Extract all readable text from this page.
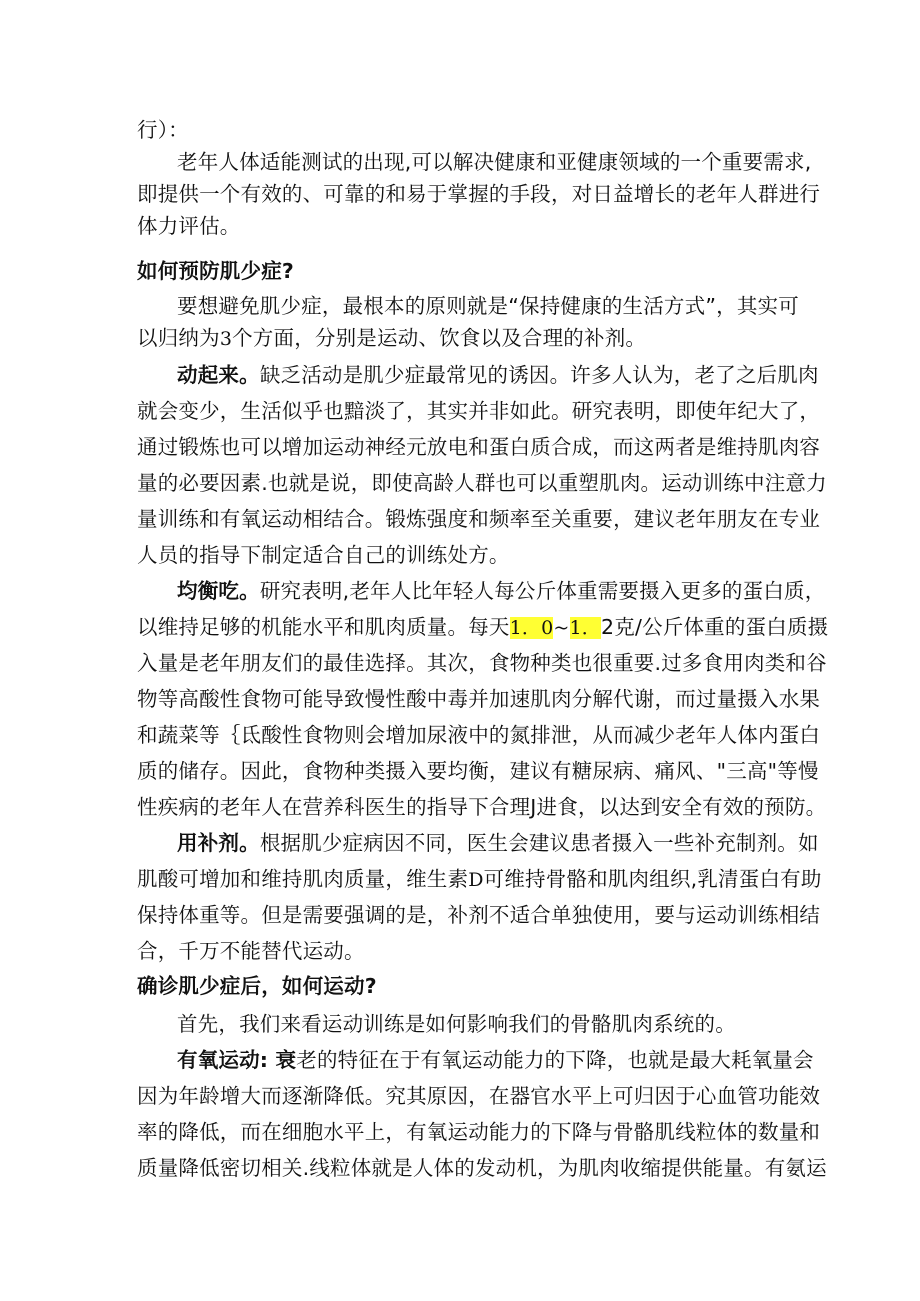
行）：
老年人体适能测试的出现,可以解决健康和亚健康领域的一个重要需求,
即提供一个有效的、可靠的和易于掌握的手段，对日益增长的老年人群进行
体力评估。
如何预防肌少症?
要想避免肌少症，最根本的原则就是“保持健康的生活方式”，其实可
以归纳为3个方面，分别是运动、饮食以及合理的补剂。
动起来。缺乏活动是肌少症最常见的诱因。许多人认为，老了之后肌肉
就会变少，生活似乎也黯淡了，其实并非如此。研究表明，即使年纪大了，
通过锻炼也可以增加运动神经元放电和蛋白质合成，而这两者是维持肌肉容
量的必要因素.也就是说，即使高龄人群也可以重塑肌肉。运动训练中注意力
量训练和有氧运动相结合。锻炼强度和频率至关重要，建议老年朋友在专业
人员的指导下制定适合自己的训练处方。
均衡吃。研究表明,老年人比年轻人每公斤体重需要摄入更多的蛋白质，
以维持足够的机能水平和肌肉质量。每天1．0~1．2克/公斤体重的蛋白质摄
入量是老年朋友们的最佳选择。其次，食物种类也很重要.过多食用肉类和谷
物等高酸性食物可能导致慢性酸中毒并加速肌肉分解代谢，而过量摄入水果
和蔬菜等｛氐酸性食物则会增加尿液中的氮排泄，从而减少老年人体内蛋白
质的储存。因此，食物种类摄入要均衡，建议有糖尿病、痛风、"三高"等慢
性疾病的老年人在营养科医生的指导下合理J进食，以达到安全有效的预防。
用补剂。根据肌少症病因不同，医生会建议患者摄入一些补充制剂。如
肌酸可增加和维持肌肉质量，维生素D可维持骨骼和肌肉组织,乳清蛋白有助
保持体重等。但是需要强调的是，补剂不适合单独使用，要与运动训练相结
合，千万不能替代运动。
确诊肌少症后，如何运动?
首先，我们来看运动训练是如何影响我们的骨骼肌肉系统的。
有氧运动: 衰老的特征在于有氧运动能力的下降，也就是最大耗氧量会
因为年龄增大而逐渐降低。究其原因，在器官水平上可归因于心血管功能效
率的降低，而在细胞水平上，有氧运动能力的下降与骨骼肌线粒体的数量和
质量降低密切相关.线粒体就是人体的发动机，为肌肉收缩提供能量。有氨运
